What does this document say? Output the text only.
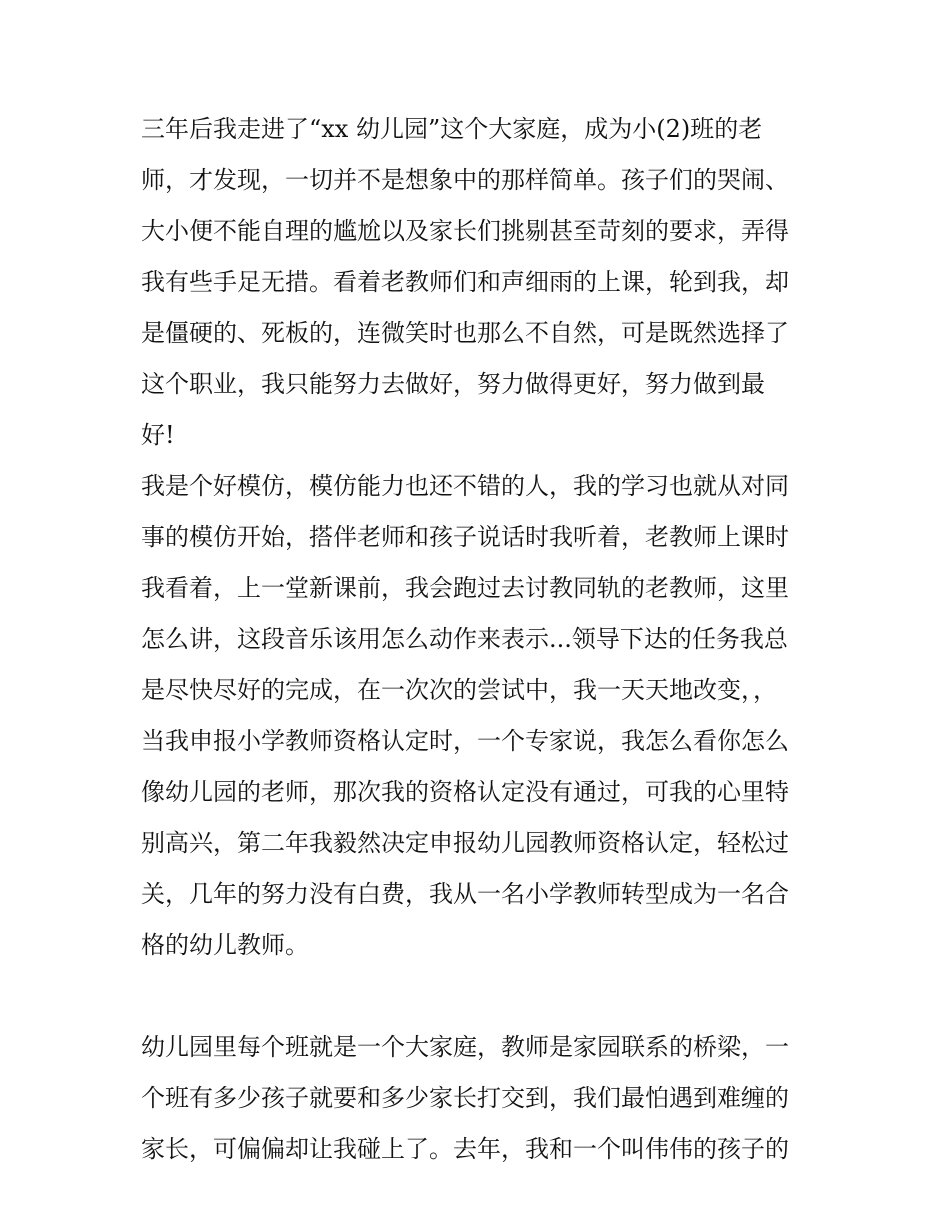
三年后我走进了“xx 幼儿园”这个大家庭，成为小(2)班的老
师，才发现，一切并不是想象中的那样简单。孩子们的哭闹、
大小便不能自理的尴尬以及家长们挑剔甚至苛刻的要求，弄得
我有些手足无措。看着老教师们和声细雨的上课，轮到我，却
是僵硬的、死板的，连微笑时也那么不自然，可是既然选择了
这个职业，我只能努力去做好，努力做得更好，努力做到最
好!
我是个好模仿，模仿能力也还不错的人，我的学习也就从对同
事的模仿开始，搭伴老师和孩子说话时我听着，老教师上课时
我看着，上一堂新课前，我会跑过去讨教同轨的老教师，这里
怎么讲，这段音乐该用怎么动作来表示...领导下达的任务我总
是尽快尽好的完成，在一次次的尝试中，我一天天地改变，，
当我申报小学教师资格认定时，一个专家说，我怎么看你怎么
像幼儿园的老师，那次我的资格认定没有通过，可我的心里特
别高兴，第二年我毅然决定申报幼儿园教师资格认定，轻松过
关，几年的努力没有白费，我从一名小学教师转型成为一名合
格的幼儿教师。
幼儿园里每个班就是一个大家庭，教师是家园联系的桥梁，一
个班有多少孩子就要和多少家长打交到，我们最怕遇到难缠的
家长，可偏偏却让我碰上了。去年，我和一个叫伟伟的孩子的
